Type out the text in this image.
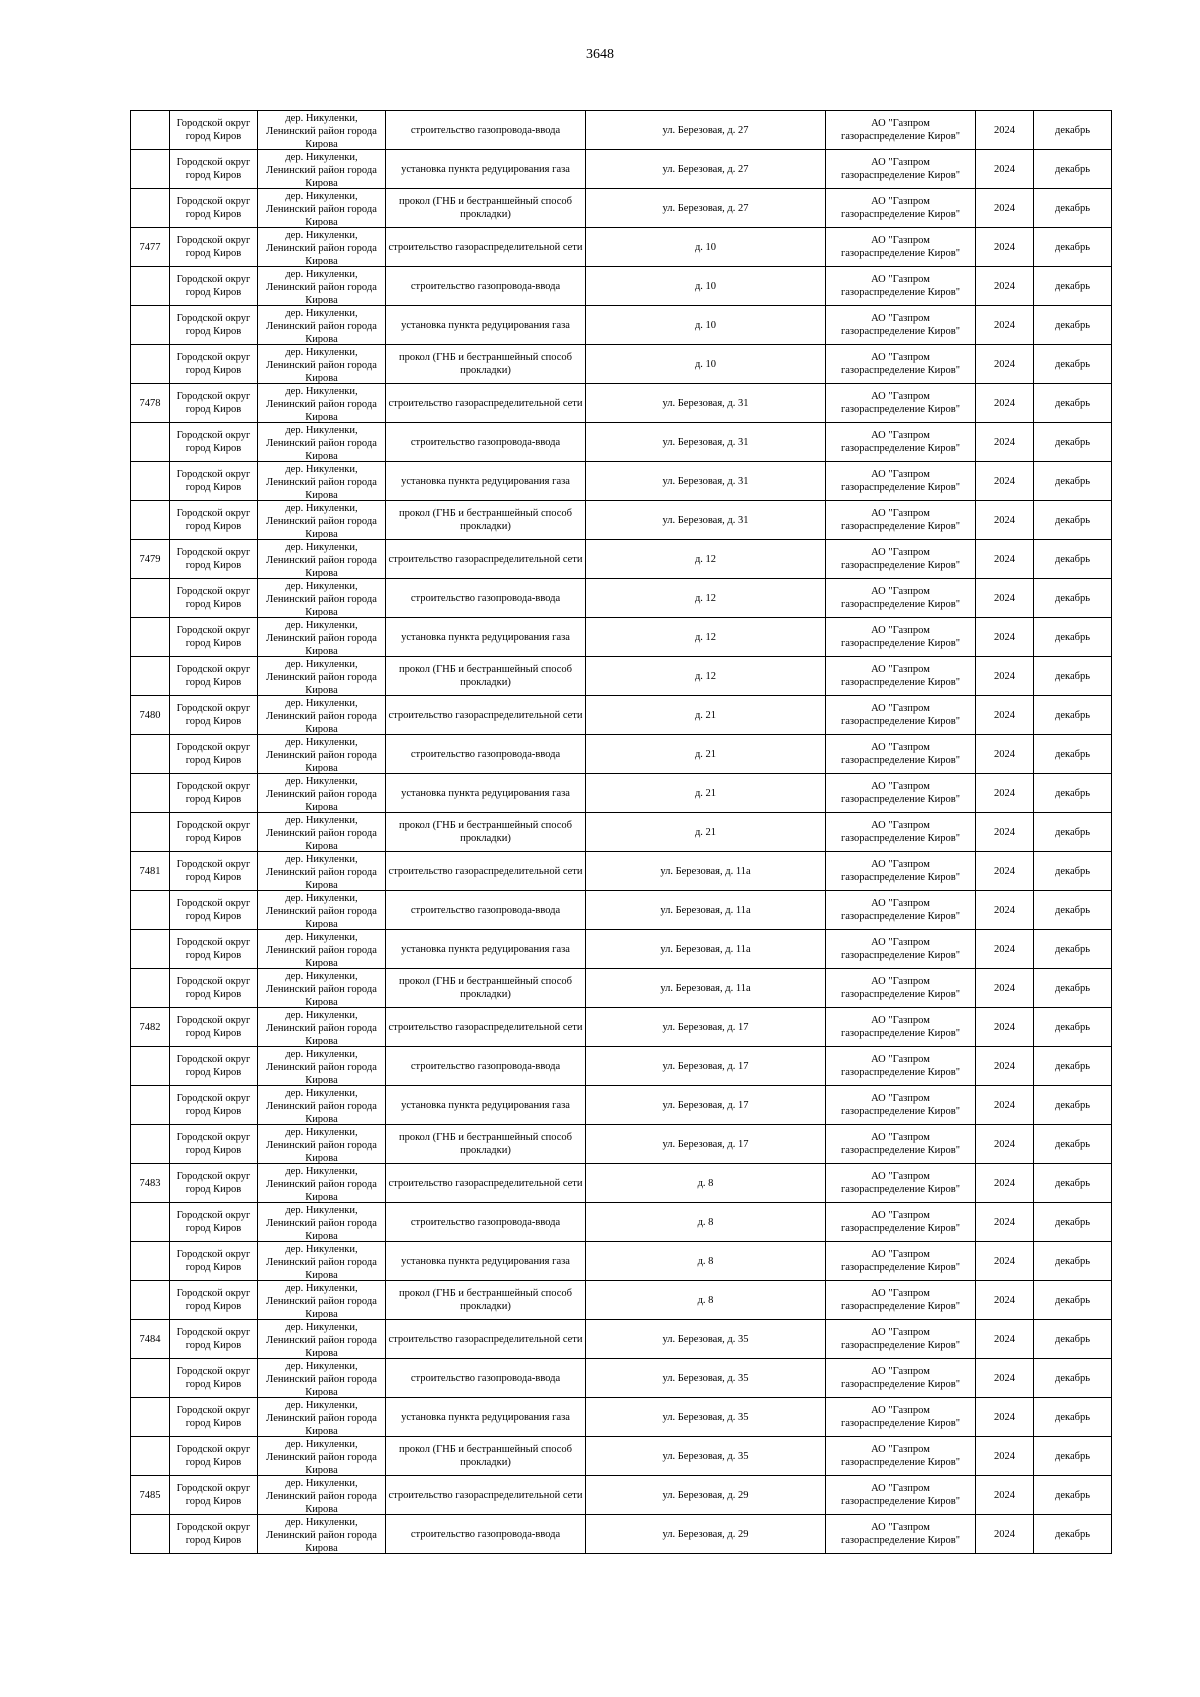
3648
	Городской округ город Киров	дер. Никуленки, Ленинский район города Кирова	строительство газопровода-ввода	ул. Березовая, д. 27	АО "Газпром газораспределение Киров"	2024	декабрь
	Городской округ город Киров	дер. Никуленки, Ленинский район города Кирова	установка пункта редуцирования газа	ул. Березовая, д. 27	АО "Газпром газораспределение Киров"	2024	декабрь
	Городской округ город Киров	дер. Никуленки, Ленинский район города Кирова	прокол (ГНБ и бестраншейный способ прокладки)	ул. Березовая, д. 27	АО "Газпром газораспределение Киров"	2024	декабрь
7477	Городской округ город Киров	дер. Никуленки, Ленинский район города Кирова	строительство газораспределительной сети	д. 10	АО "Газпром газораспределение Киров"	2024	декабрь
	Городской округ город Киров	дер. Никуленки, Ленинский район города Кирова	строительство газопровода-ввода	д. 10	АО "Газпром газораспределение Киров"	2024	декабрь
	Городской округ город Киров	дер. Никуленки, Ленинский район города Кирова	установка пункта редуцирования газа	д. 10	АО "Газпром газораспределение Киров"	2024	декабрь
	Городской округ город Киров	дер. Никуленки, Ленинский район города Кирова	прокол (ГНБ и бестраншейный способ прокладки)	д. 10	АО "Газпром газораспределение Киров"	2024	декабрь
7478	Городской округ город Киров	дер. Никуленки, Ленинский район города Кирова	строительство газораспределительной сети	ул. Березовая, д. 31	АО "Газпром газораспределение Киров"	2024	декабрь
	Городской округ город Киров	дер. Никуленки, Ленинский район города Кирова	строительство газопровода-ввода	ул. Березовая, д. 31	АО "Газпром газораспределение Киров"	2024	декабрь
	Городской округ город Киров	дер. Никуленки, Ленинский район города Кирова	установка пункта редуцирования газа	ул. Березовая, д. 31	АО "Газпром газораспределение Киров"	2024	декабрь
	Городской округ город Киров	дер. Никуленки, Ленинский район города Кирова	прокол (ГНБ и бестраншейный способ прокладки)	ул. Березовая, д. 31	АО "Газпром газораспределение Киров"	2024	декабрь
7479	Городской округ город Киров	дер. Никуленки, Ленинский район города Кирова	строительство газораспределительной сети	д. 12	АО "Газпром газораспределение Киров"	2024	декабрь
	Городской округ город Киров	дер. Никуленки, Ленинский район города Кирова	строительство газопровода-ввода	д. 12	АО "Газпром газораспределение Киров"	2024	декабрь
	Городской округ город Киров	дер. Никуленки, Ленинский район города Кирова	установка пункта редуцирования газа	д. 12	АО "Газпром газораспределение Киров"	2024	декабрь
	Городской округ город Киров	дер. Никуленки, Ленинский район города Кирова	прокол (ГНБ и бестраншейный способ прокладки)	д. 12	АО "Газпром газораспределение Киров"	2024	декабрь
7480	Городской округ город Киров	дер. Никуленки, Ленинский район города Кирова	строительство газораспределительной сети	д. 21	АО "Газпром газораспределение Киров"	2024	декабрь
	Городской округ город Киров	дер. Никуленки, Ленинский район города Кирова	строительство газопровода-ввода	д. 21	АО "Газпром газораспределение Киров"	2024	декабрь
	Городской округ город Киров	дер. Никуленки, Ленинский район города Кирова	установка пункта редуцирования газа	д. 21	АО "Газпром газораспределение Киров"	2024	декабрь
	Городской округ город Киров	дер. Никуленки, Ленинский район города Кирова	прокол (ГНБ и бестраншейный способ прокладки)	д. 21	АО "Газпром газораспределение Киров"	2024	декабрь
7481	Городской округ город Киров	дер. Никуленки, Ленинский район города Кирова	строительство газораспределительной сети	ул. Березовая, д. 11а	АО "Газпром газораспределение Киров"	2024	декабрь
	Городской округ город Киров	дер. Никуленки, Ленинский район города Кирова	строительство газопровода-ввода	ул. Березовая, д. 11а	АО "Газпром газораспределение Киров"	2024	декабрь
	Городской округ город Киров	дер. Никуленки, Ленинский район города Кирова	установка пункта редуцирования газа	ул. Березовая, д. 11а	АО "Газпром газораспределение Киров"	2024	декабрь
	Городской округ город Киров	дер. Никуленки, Ленинский район города Кирова	прокол (ГНБ и бестраншейный способ прокладки)	ул. Березовая, д. 11а	АО "Газпром газораспределение Киров"	2024	декабрь
7482	Городской округ город Киров	дер. Никуленки, Ленинский район города Кирова	строительство газораспределительной сети	ул. Березовая, д. 17	АО "Газпром газораспределение Киров"	2024	декабрь
	Городской округ город Киров	дер. Никуленки, Ленинский район города Кирова	строительство газопровода-ввода	ул. Березовая, д. 17	АО "Газпром газораспределение Киров"	2024	декабрь
	Городской округ город Киров	дер. Никуленки, Ленинский район города Кирова	установка пункта редуцирования газа	ул. Березовая, д. 17	АО "Газпром газораспределение Киров"	2024	декабрь
	Городской округ город Киров	дер. Никуленки, Ленинский район города Кирова	прокол (ГНБ и бестраншейный способ прокладки)	ул. Березовая, д. 17	АО "Газпром газораспределение Киров"	2024	декабрь
7483	Городской округ город Киров	дер. Никуленки, Ленинский район города Кирова	строительство газораспределительной сети	д. 8	АО "Газпром газораспределение Киров"	2024	декабрь
	Городской округ город Киров	дер. Никуленки, Ленинский район города Кирова	строительство газопровода-ввода	д. 8	АО "Газпром газораспределение Киров"	2024	декабрь
	Городской округ город Киров	дер. Никуленки, Ленинский район города Кирова	установка пункта редуцирования газа	д. 8	АО "Газпром газораспределение Киров"	2024	декабрь
	Городской округ город Киров	дер. Никуленки, Ленинский район города Кирова	прокол (ГНБ и бестраншейный способ прокладки)	д. 8	АО "Газпром газораспределение Киров"	2024	декабрь
7484	Городской округ город Киров	дер. Никуленки, Ленинский район города Кирова	строительство газораспределительной сети	ул. Березовая, д. 35	АО "Газпром газораспределение Киров"	2024	декабрь
	Городской округ город Киров	дер. Никуленки, Ленинский район города Кирова	строительство газопровода-ввода	ул. Березовая, д. 35	АО "Газпром газораспределение Киров"	2024	декабрь
	Городской округ город Киров	дер. Никуленки, Ленинский район города Кирова	установка пункта редуцирования газа	ул. Березовая, д. 35	АО "Газпром газораспределение Киров"	2024	декабрь
	Городской округ город Киров	дер. Никуленки, Ленинский район города Кирова	прокол (ГНБ и бестраншейный способ прокладки)	ул. Березовая, д. 35	АО "Газпром газораспределение Киров"	2024	декабрь
7485	Городской округ город Киров	дер. Никуленки, Ленинский район города Кирова	строительство газораспределительной сети	ул. Березовая, д. 29	АО "Газпром газораспределение Киров"	2024	декабрь
	Городской округ город Киров	дер. Никуленки, Ленинский район города Кирова	строительство газопровода-ввода	ул. Березовая, д. 29	АО "Газпром газораспределение Киров"	2024	декабрь
